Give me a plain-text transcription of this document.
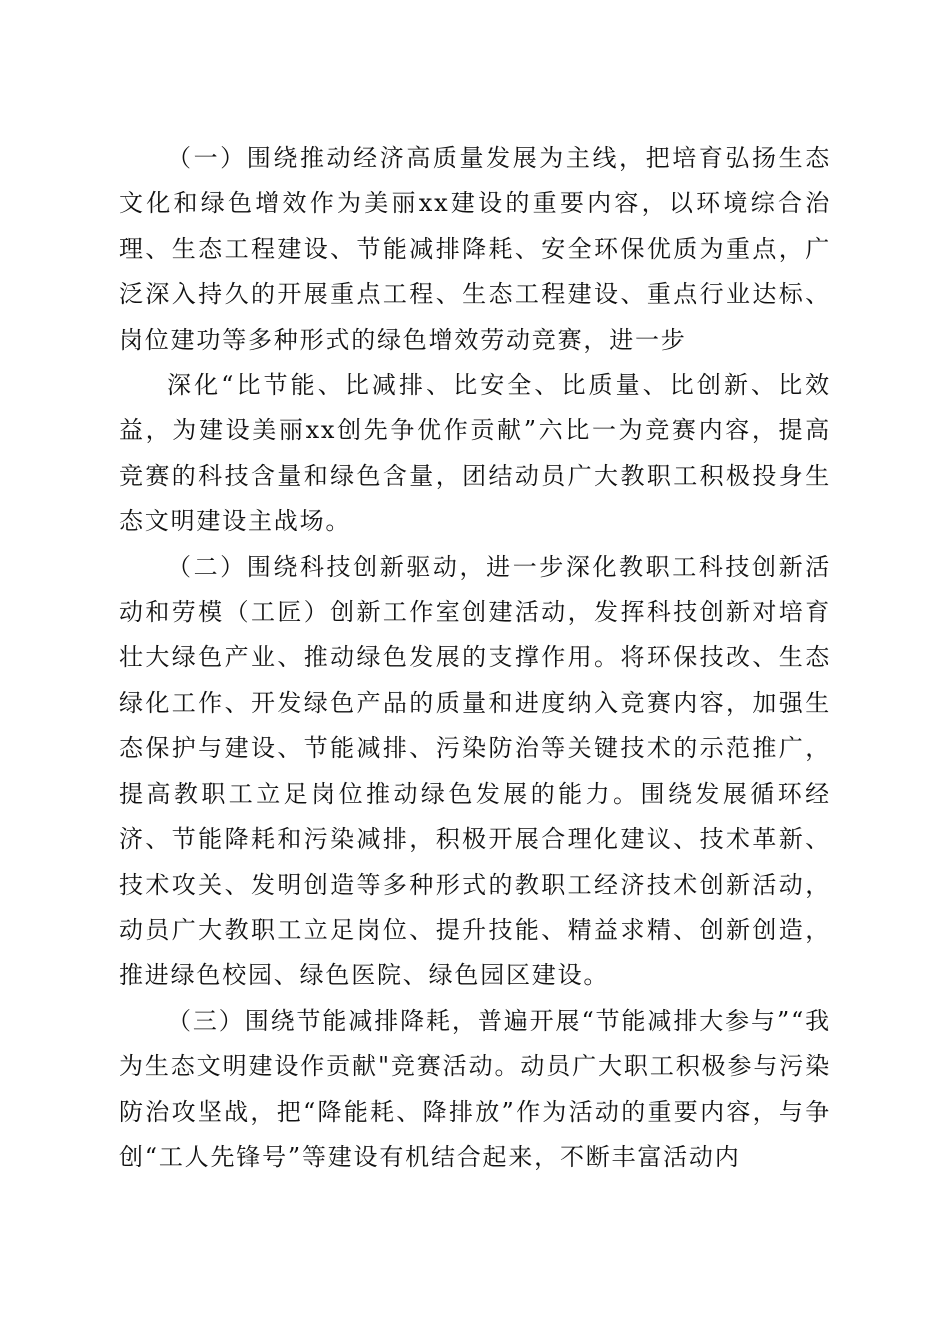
（一）围绕推动经济高质量发展为主线，把培育弘扬生态文化和绿色增效作为美丽xx建设的重要内容，以环境综合治理、生态工程建设、节能减排降耗、安全环保优质为重点，广泛深入持久的开展重点工程、生态工程建设、重点行业达标、岗位建功等多种形式的绿色增效劳动竞赛，进一步

深化“比节能、比减排、比安全、比质量、比创新、比效益，为建设美丽xx创先争优作贡献”六比一为竞赛内容，提高竞赛的科技含量和绿色含量，团结动员广大教职工积极投身生态文明建设主战场。

（二）围绕科技创新驱动，进一步深化教职工科技创新活动和劳模（工匠）创新工作室创建活动，发挥科技创新对培育壮大绿色产业、推动绿色发展的支撑作用。将环保技改、生态绿化工作、开发绿色产品的质量和进度纳入竞赛内容，加强生态保护与建设、节能减排、污染防治等关键技术的示范推广，提高教职工立足岗位推动绿色发展的能力。围绕发展循环经济、节能降耗和污染减排，积极开展合理化建议、技术革新、技术攻关、发明创造等多种形式的教职工经济技术创新活动，动员广大教职工立足岗位、提升技能、精益求精、创新创造，推进绿色校园、绿色医院、绿色园区建设。

（三）围绕节能减排降耗，普遍开展“节能减排大参与”“我为生态文明建设作贡献"竞赛活动。动员广大职工积极参与污染防治攻坚战，把“降能耗、降排放”作为活动的重要内容，与争创“工人先锋号”等建设有机结合起来，不断丰富活动内
